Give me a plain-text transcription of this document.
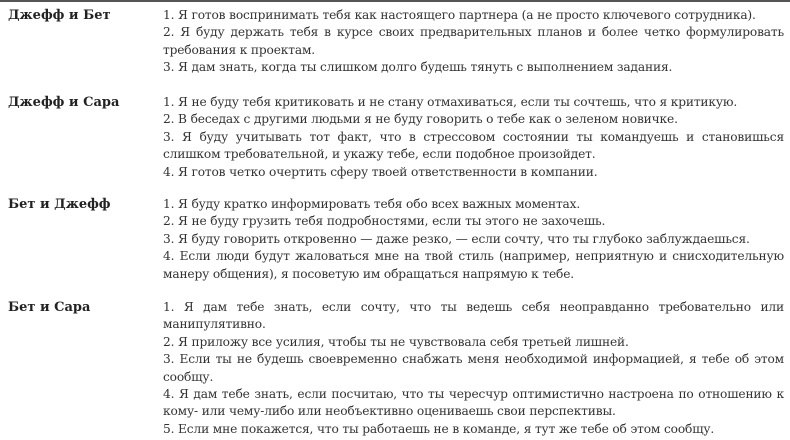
Джефф и Бет	1. Я готов воспринимать тебя как настоящего партнера (а не просто ключевого сотрудника).

2. Я буду держать тебя в курсе своих предварительных планов и более четко формулировать требования к проектам.

3. Я дам знать, когда ты слишком долго будешь тянуть с выполнением задания.

Джефф и Сара	1. Я не буду тебя критиковать и не стану отмахиваться, если ты сочтешь, что я критикую.

2. В беседах с другими людьми я не буду говорить о тебе как о зеленом новичке.

3. Я буду учитывать тот факт, что в стрессовом состоянии ты командуешь и становишься слишком требовательной, и укажу тебе, если подобное произойдет.

4. Я готов четко очертить сферу твоей ответственности в компании.

Бет и Джефф	1. Я буду кратко информировать тебя обо всех важных моментах.

2. Я не буду грузить тебя подробностями, если ты этого не захочешь.

3. Я буду говорить откровенно — даже резко, — если сочту, что ты глубоко заблуждаешься.

4. Если люди будут жаловаться мне на твой стиль (например, неприятную и снисходительную манеру общения), я посоветую им обращаться напрямую к тебе.

Бет и Сара	1. Я дам тебе знать, если сочту, что ты ведешь себя неоправданно требовательно или манипулятивно.

2. Я приложу все усилия, чтобы ты не чувствовала себя третьей лишней.

3. Если ты не будешь своевременно снабжать меня необходимой информацией, я тебе об этом сообщу.

4. Я дам тебе знать, если посчитаю, что ты чересчур оптимистично настроена по отношению к кому- или чему-либо или необъективно оцениваешь свои перспективы.

5. Если мне покажется, что ты работаешь не в команде, я тут же тебе об этом сообщу.
